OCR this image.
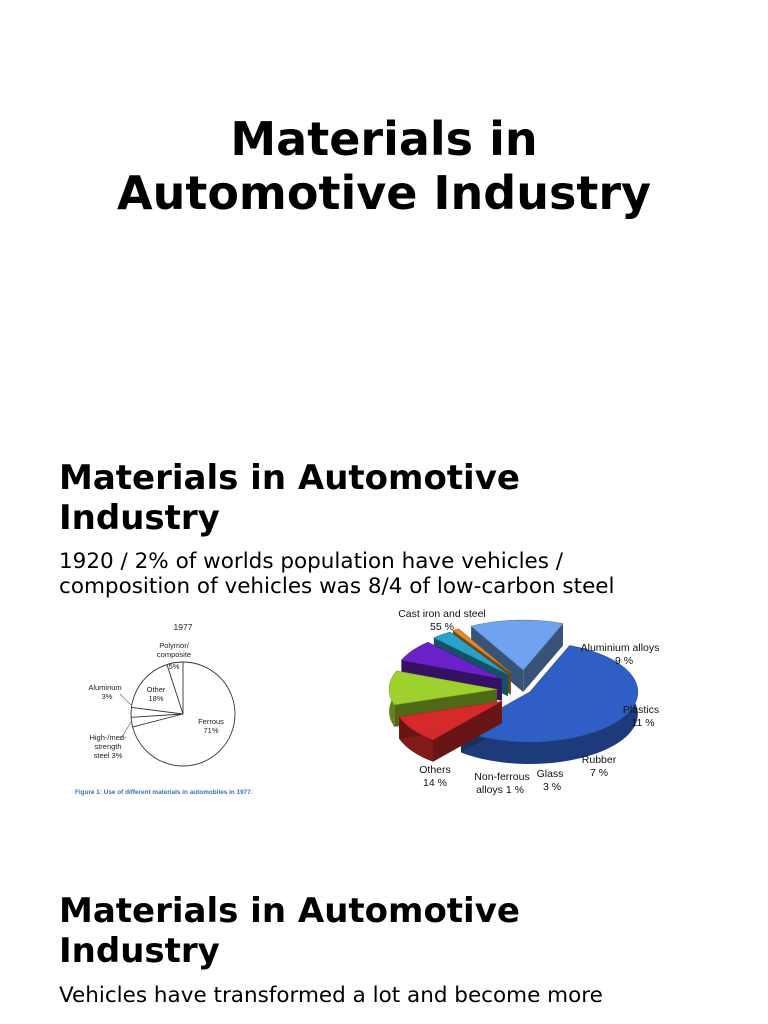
Materials in
Automotive Industry
Materials in Automotive
Industry
1920 / 2% of worlds population have vehicles /
composition of vehicles was 8/4 of low-carbon steel
1977
Polymor/ composite
5%
Aluminum 3%
Other 18%
Ferrous 71%
High-/med-strength steel 3%
Figure 1: Use of different materials in automobiles in 1977.
Cast iron and steel 55 %
Aluminium alloys 9 %
Plastics 11 %
Rubber 7 %
Glass 3 %
Non-ferrous alloys 1 %
Others 14 %
Materials in Automotive
Industry
Vehicles have transformed a lot and become more
